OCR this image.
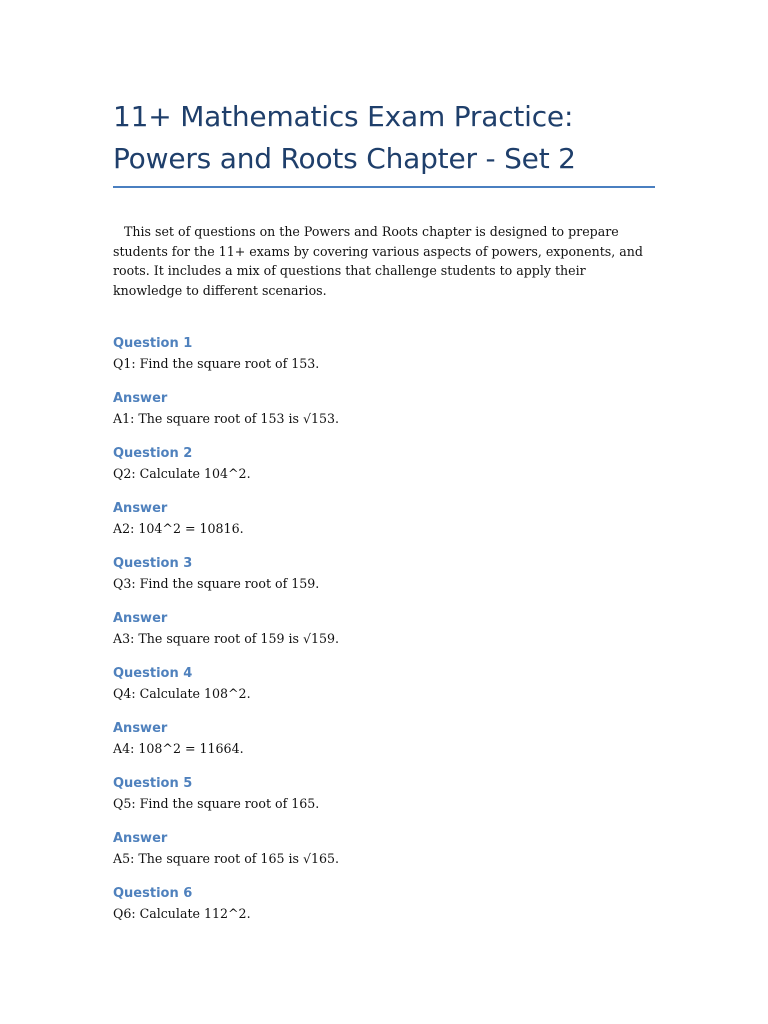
11+ Mathematics Exam Practice:
Powers and Roots Chapter - Set 2

This set of questions on the Powers and Roots chapter is designed to prepare students for the 11+ exams by covering various aspects of powers, exponents, and roots. It includes a mix of questions that challenge students to apply their knowledge to different scenarios.

Question 1
Q1: Find the square root of 153.
Answer
A1: The square root of 153 is √153.
Question 2
Q2: Calculate 104^2.
Answer
A2: 104^2 = 10816.
Question 3
Q3: Find the square root of 159.
Answer
A3: The square root of 159 is √159.
Question 4
Q4: Calculate 108^2.
Answer
A4: 108^2 = 11664.
Question 5
Q5: Find the square root of 165.
Answer
A5: The square root of 165 is √165.
Question 6
Q6: Calculate 112^2.
